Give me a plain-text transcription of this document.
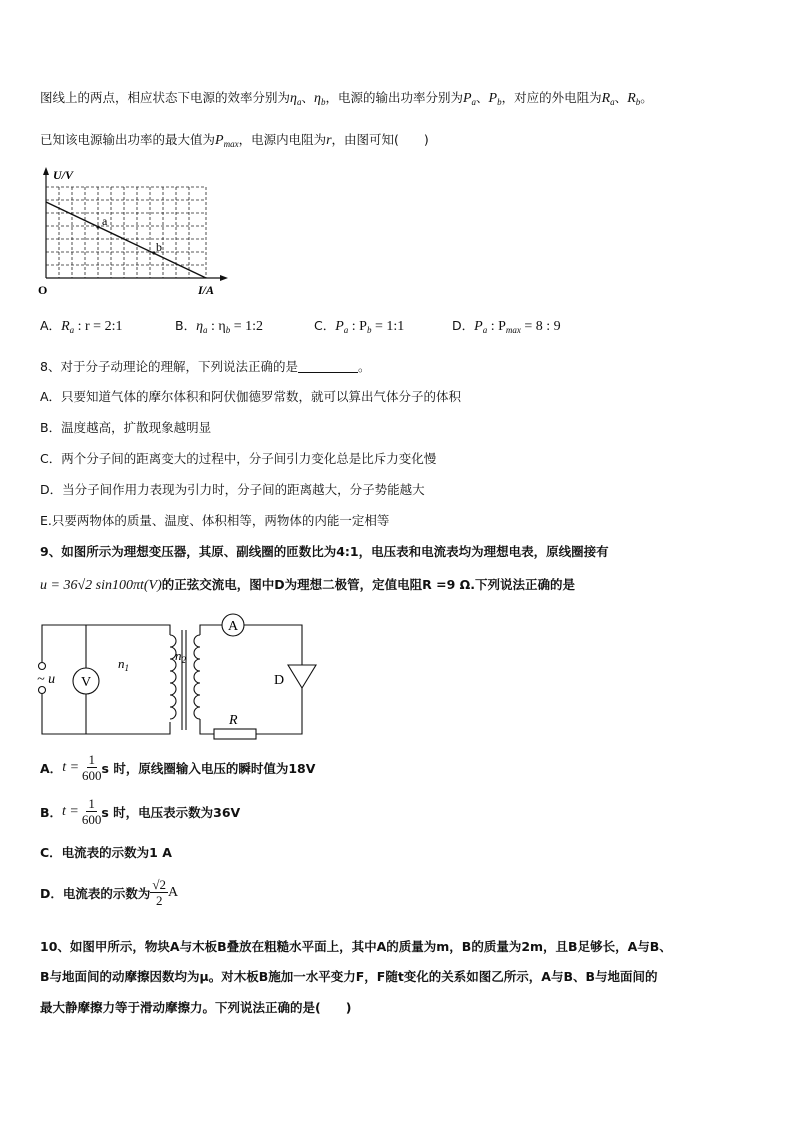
图线上的两点，相应状态下电源的效率分别为$\eta_a$、$\eta_b$，电源的输出功率分别为$P_a$、$P_b$，对应的外电阻为$R_a$、$R_b$。
已知该电源输出功率的最大值为$P_{max}$，电源内电阻为r，由图可知(　　)
a
b
U/V
I/A
O
A．$R_a$ : r = 2:1	B．$\eta_a$ : $\eta_b$ = 1:2	C．$P_a$ : $P_b$ = 1:1	D．$P_a$ : $P_{max} = 8$ : 9
8、对于分子动理论的理解，下列说法正确的是	。
A．只要知道气体的摩尔体积和阿伏伽德罗常数，就可以算出气体分子的体积
B．温度越高，扩散现象越明显
C．两个分子间的距离变大的过程中，分子间引力变化总是比斥力变化慢
D．当分子间作用力表现为引力时，分子间的距离越大，分子势能越大
E.只要两物体的质量、温度、体积相等，两物体的内能一定相等
9、如图所示为理想变压器，其原、副线圈的匝数比为4:1，电压表和电流表均为理想电表，原线圈接有
u = 36√2 sin100πt(V)的正弦交流电，图中D为理想二极管，定值电阻R =9 Ω.下列说法正确的是
V
A
D
R
~ u
$n_1$
$n_2$
A． $t = \frac{1}{600}$ s 时，原线圈输入电压的瞬时值为18V
B． $t = \frac{1}{600}$ s 时，电压表示数为36V
C．电流表的示数为1 A
D．电流表的示数为 $\frac{√2}{2}$ A
10、如图甲所示，物块A与木板B叠放在粗糙水平面上，其中A的质量为m，B的质量为2m，且B足够长，A与B、
B与地面间的动摩擦因数均为μ。对木板B施加一水平变力F，F随t变化的关系如图乙所示，A与B、B与地面间的
最大静摩擦力等于滑动摩擦力。下列说法正确的是(　　)
